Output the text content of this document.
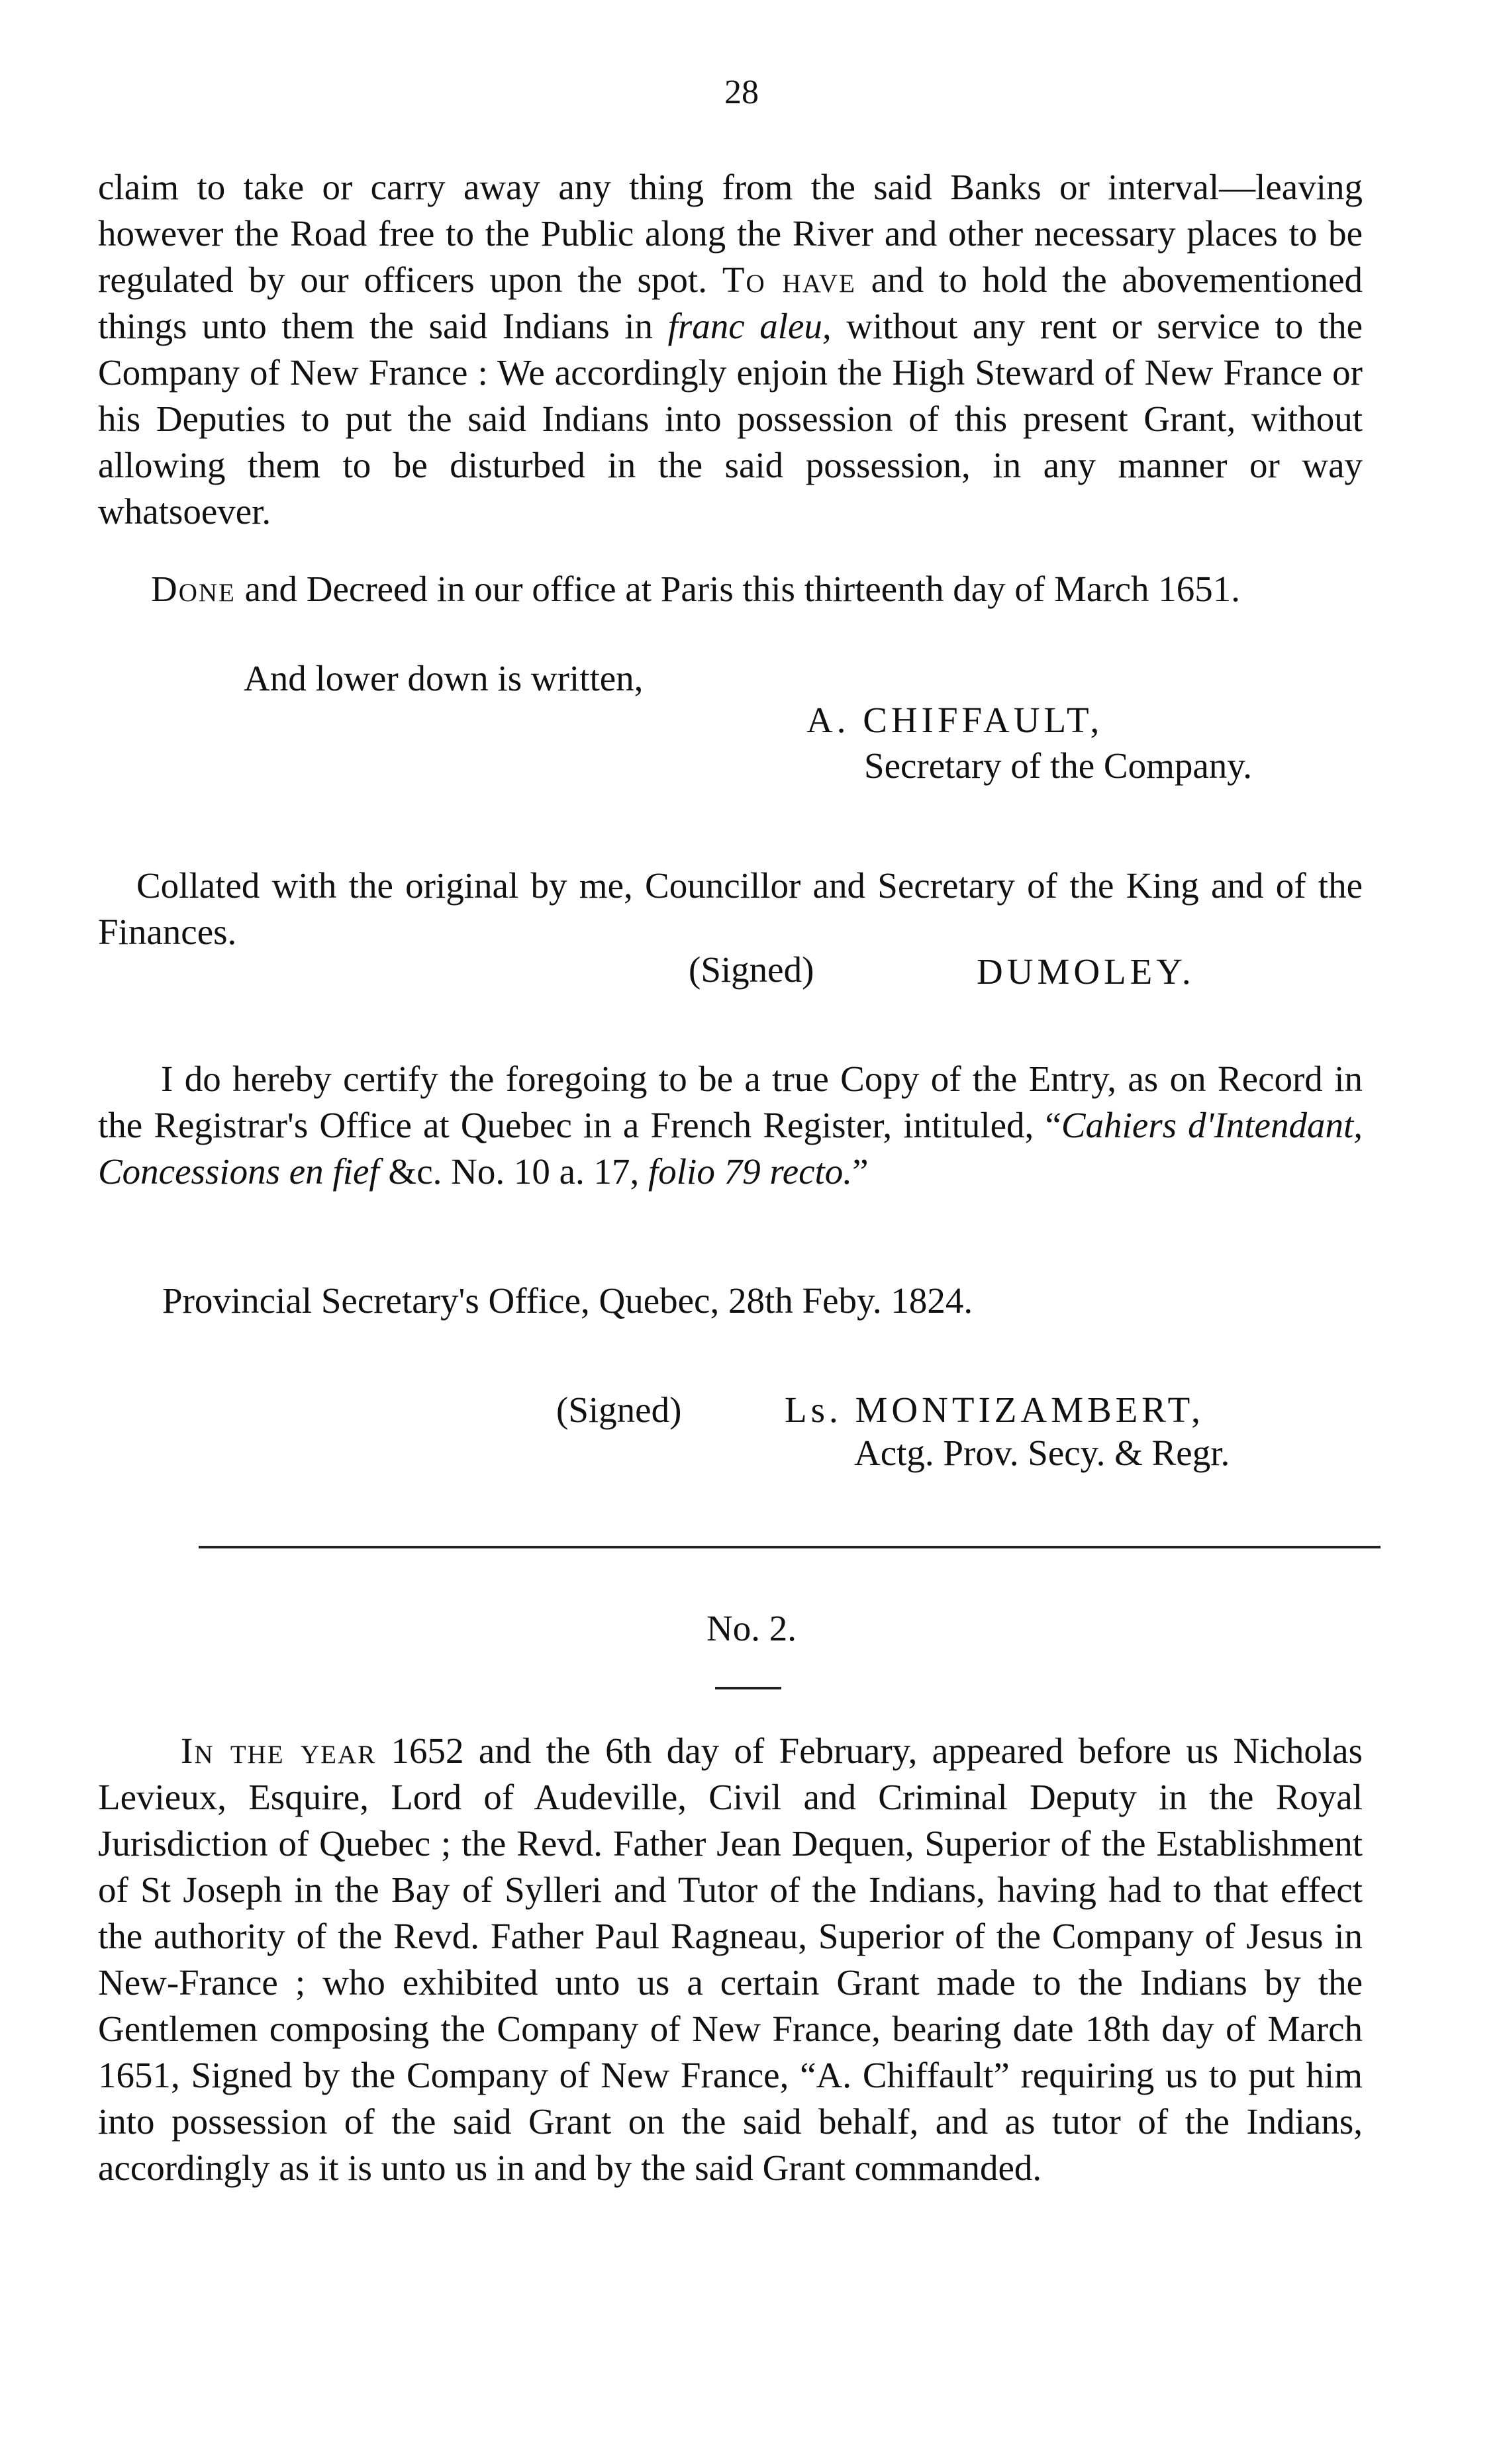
28

claim to take or carry away any thing from the said Banks or interval—leaving however the Road free to the Public along the River and other necessary places to be regulated by our officers upon the spot. To have and to hold the abovementioned things unto them the said Indians in franc aleu, without any rent or service to the Company of New France : We accordingly enjoin the High Steward of New France or his Deputies to put the said Indians into possession of this present Grant, without allowing them to be disturbed in the said possession, in any manner or way whatsoever.

Done and Decreed in our office at Paris this thirteenth day of March 1651.

And lower down is written,
A. CHIFFAULT,
Secretary of the Company.

Collated with the original by me, Councillor and Secretary of the King and of the Finances.

(Signed)	DUMOLEY.

I do hereby certify the foregoing to be a true Copy of the Entry, as on Record in the Registrar's Office at Quebec in a French Register, intituled, “Cahiers d'Intendant, Concessions en fief &c. No. 10 a. 17, folio 79 recto.”

Provincial Secretary's Office, Quebec, 28th Feby. 1824.
(Signed)	Ls. MONTIZAMBERT,
Actg. Prov. Secy. & Regr.
No. 2.

In the year 1652 and the 6th day of February, appeared before us Nicholas Levieux, Esquire, Lord of Audeville, Civil and Criminal Deputy in the Royal Jurisdiction of Quebec ; the Revd. Father Jean Dequen, Superior of the Establishment of St Joseph in the Bay of Sylleri and Tutor of the Indians, having had to that effect the authority of the Revd. Father Paul Ragneau, Superior of the Company of Jesus in New-France ; who exhibited unto us a certain Grant made to the Indians by the Gentlemen composing the Company of New France, bearing date 18th day of March 1651, Signed by the Company of New France, “A. Chiffault” requiring us to put him into possession of the said Grant on the said behalf, and as tutor of the Indians, accordingly as it is unto us in and by the said Grant commanded.
